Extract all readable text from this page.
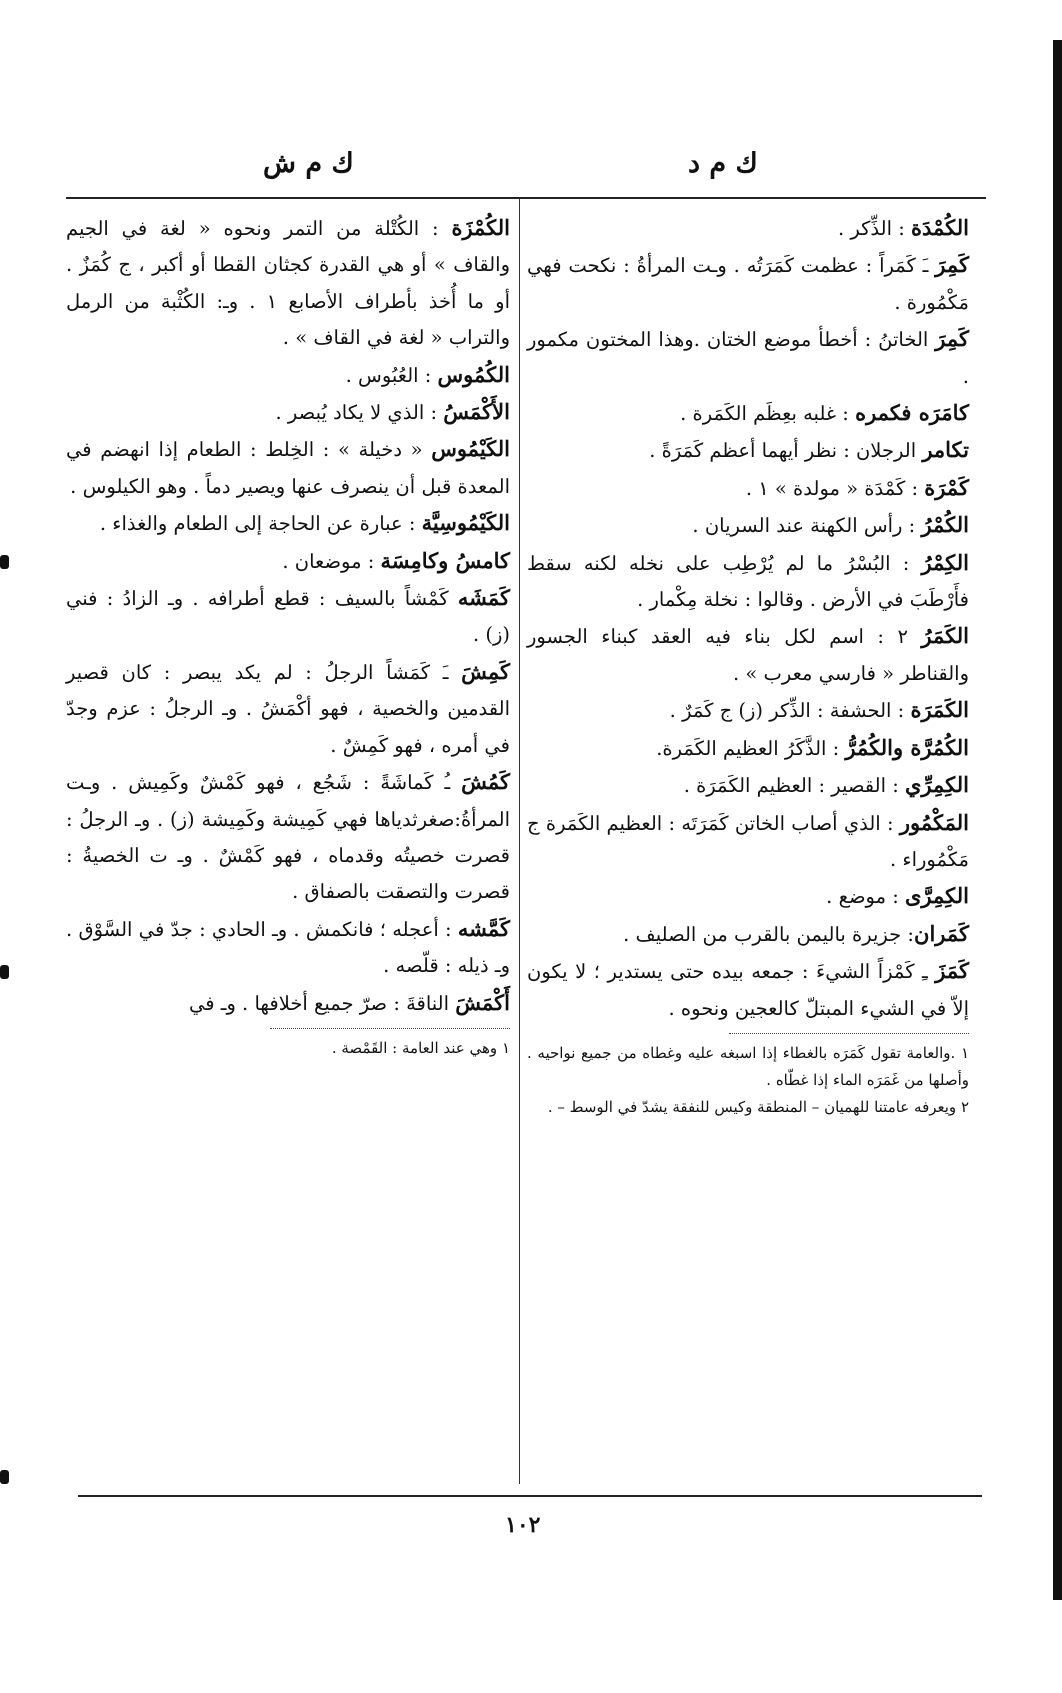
ك م ش	ك م د

الكُمْدَة : الذِّكر .

كَمِرَ ـَ كَمَراً : عظمت كَمَرَتُه . وـت المرأةُ : نكحت فهي مَكْمُورة .

كَمِرَ الخاتنُ : أخطأ موضع الختان .وهذا المختون مكمور .

كامَرَه فكمره : غلبه بعِظَم الكَمَرة .

تكامر الرجلان : نظر أيهما أعظم كَمَرَةً .

كَمْرَة : كَمْدَة « مولدة » ١ .

الكُمْرُ : رأس الكهنة عند السريان .

الكِمْرُ : البُسْرُ ما لم يُرْطِب على نخله لكنه سقط فأَرْطَبَ في الأرض . وقالوا : نخلة مِكْمار .

الكَمَرُ ٢ : اسم لكل بناء فيه العقد كبناء الجسور والقناطر « فارسي معرب » .

الكَمَرَة : الحشفة : الذِّكر (ز) ج كَمَرٌ .

الكُمُرَّة والكُمُرُّ : الذَّكَرُ العظيم الكَمَرة.

الكِمِرِّي : القصير : العظيم الكَمَرَة .

المَكْمُور : الذي أصاب الخاتن كَمَرَتَه : العظيم الكَمَرة ج مَكْمُوراء .

الكِمِرَّى : موضع .

كَمَران: جزيرة باليمن بالقرب من الصليف .

كَمَزَ ـِ كَمْزاً الشيءَ : جمعه بيده حتى يستدير ؛ لا يكون إلاّ في الشيء المبتلّ كالعجين ونحوه .

١ .والعامة تقول كَمَرَه بالغطاء إذا اسبغه عليه وغطاه من جميع نواحيه . وأصلها من غَمَرَه الماء إذا غطّاه .

٢ ويعرفه عامتنا للهميان – المنطقة وكيس للنفقة يشدّ في الوسط – .

الكُمْزَة : الكُتْلة من التمر ونحوه « لغة في الجيم والقاف » أو هي القدرة كجثان القطا أو أكبر ، ج كُمَزٌ . أو ما أُخذ بأطراف الأصابع ١ . وـ: الكُثْبة من الرمل والتراب « لغة في القاف » .

الكُمُوس : العُبُوس .

الأَكْمَسُ : الذي لا يكاد يُبصر .

الكَيْمُوس « دخيلة » : الخِلط : الطعام إذا انهضم في المعدة قبل أن ينصرف عنها ويصير دماً . وهو الكيلوس .

الكَيْمُوسِيَّة : عبارة عن الحاجة إلى الطعام والغذاء .

كامسُ وكامِسَة : موضعان .

كَمَشَه كَمْشاً بالسيف : قطع أطرافه . وـ الزادُ : فني (ز) .

كَمِشَ ـَ كَمَشاً الرجلُ : لم يكد يبصر : كان قصير القدمين والخصية ، فهو أكْمَشُ . وـ الرجلُ : عزم وجدّ في أمره ، فهو كَمِشٌ .

كَمُشَ ـُ كَماشَةً : شَجُع ، فهو كَمْشٌ وكَمِيش . وـت المرأةُ:صغرثدياها فهي كَمِيشة وكَمِيشة (ز) . وـ الرجلُ : قصرت خصيتُه وقدماه ، فهو كَمْشٌ . وـ ت الخصيةُ : قصرت والتصقت بالصفاق .

كَمَّشه : أعجله ؛ فانكمش . وـ الحادي : جدّ في السَّوْق . وـ ذيله : قلّصه .

أَكْمَشَ الناقةَ : صرّ جميع أخلافها . وـ في

١ وهي عند العامة : القَمْصة .

١٠٢
